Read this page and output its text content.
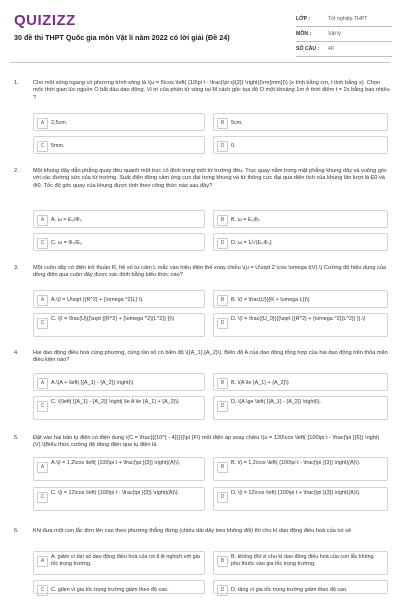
QUIZIZZ
30 đề thi THPT Quốc gia môn Vật lí năm 2022 có lời giải (Đề 24)
LỚP :	Tốt nghiệp THPT
MÔN :	Vật lý
SỐ CÂU :	40
1.	Cho một sóng ngang có phương trình sóng là \(u = 5\cos \left( {10\pi t - \frac{\pi x}{2}} \right){\rm{mm}}\) (x tính bằng cm, t tính bằng s). Chọn mốc thời gian lúc nguồn O bắt đầu dao động. Vị trí của phần tử sóng tại M cách gốc tọa độ O một khoảng 1m ở thời điểm t = 2s bằng bao nhiêu ?
A	2,5cm.	B	5cm.
C	5mm.	D	0.
2.	Một khung dây dẫn phẳng quay đều quanh một trục cố định trong một từ trường đều. Trục quay nằm trong mặt phẳng khung dây và vuông góc với các đường sức của từ trường. Suất điện động cảm ứng cực đại trong khung và từ thông cực đại qua diện tích của khung lần lượt là E0 và Φ0. Tốc độ góc quay của khung được tính theo công thức nào sau đây?
A	A. ω = E₀/Φ₀	B	B. ω = E₀Φ₀
C	C. ω = Φ₀/E₀	D	D. ω = 1/√(E₀Φ₀)
3.	Một cuộn dây có điện trở thuần R, hệ số tự cảm L mắc vào hiệu điện thế xoay chiều \(u = U\sqrt 2 \cos \omega t(V).\) Cường độ hiệu dụng của dòng điện qua cuộn dây được xác định bằng biểu thức nào?
A	A.\(I = U\sqrt {{R^2} + {\omega ^2}L} \).	B	B. \(I = \frac{U}{{R + \omega L}}\)
C
C. \(I = \frac{U}{{\sqrt {{R^2} + {\omega ^2}{L^2}} }}\)
D
D. \(I = \frac{{U_0}}{{\sqrt {{R^2} + {\omega ^2}{L^2}} }}.\)
4.	Hai dao động điều hoà cùng phương, cùng tần số có biên độ \({A_1},{A_2}\). Biên độ A của dao động tổng hợp của hai dao động trên thỏa mãn điều kiện nào?
A	A.\(A + \left| {{A_1} - {A_2}} \right|\)	B	B. \(A \le {A_1} + {A_2}\)
C
C. \(\left| {{A_1} - {A_2}} \right| \le A \le {A_1} + {A_2}\)
D
D. \(A \ge \left| {{A_1} - {A_2}} \right|\).
5.	Đặt vào hai bản tụ điện có điện dung \(C = \frac{{{10^{ - 4}}}}{\pi }F\) một điện áp xoay chiều \(u = 120\cos \left( {100\pi t - \frac{\pi }{6}} \right)(V).\)Biểu thức cường độ dòng điện qua tụ điện là
A
A.\(i = 1,2\cos \left( {100\pi t + \frac{\pi }{3}} \right)(A)\).
B
B. \(i = 1,2\cos \left( {100\pi t - \frac{\pi }{3}} \right)(A)\).
C
C. \(i = 12\cos \left( {100\pi t - \frac{\pi }{3}} \right)(A)\).
D
D. \(i = 12\cos \left( {100\pi t + \frac{\pi }{3}} \right)(A)\).
6.	Khi đưa một con lắc đơn lên cao theo phương thẳng đứng (chiều dài dây treo không đổi) thì chu kì dao động điều hoà của nó sẽ
A
A. giảm vì tần số dao động điều hoà của nó tỉ lệ nghịch với gia tốc trọng trường.	B
B. không đổi vì chu kì dao động điều hoà của con lắc không phụ thuộc vào gia tốc trọng trường.
C	C. giảm vì gia tốc trọng trường giảm theo độ cao.	D	D. tăng vì gia tốc trọng trường giảm theo độ cao.
